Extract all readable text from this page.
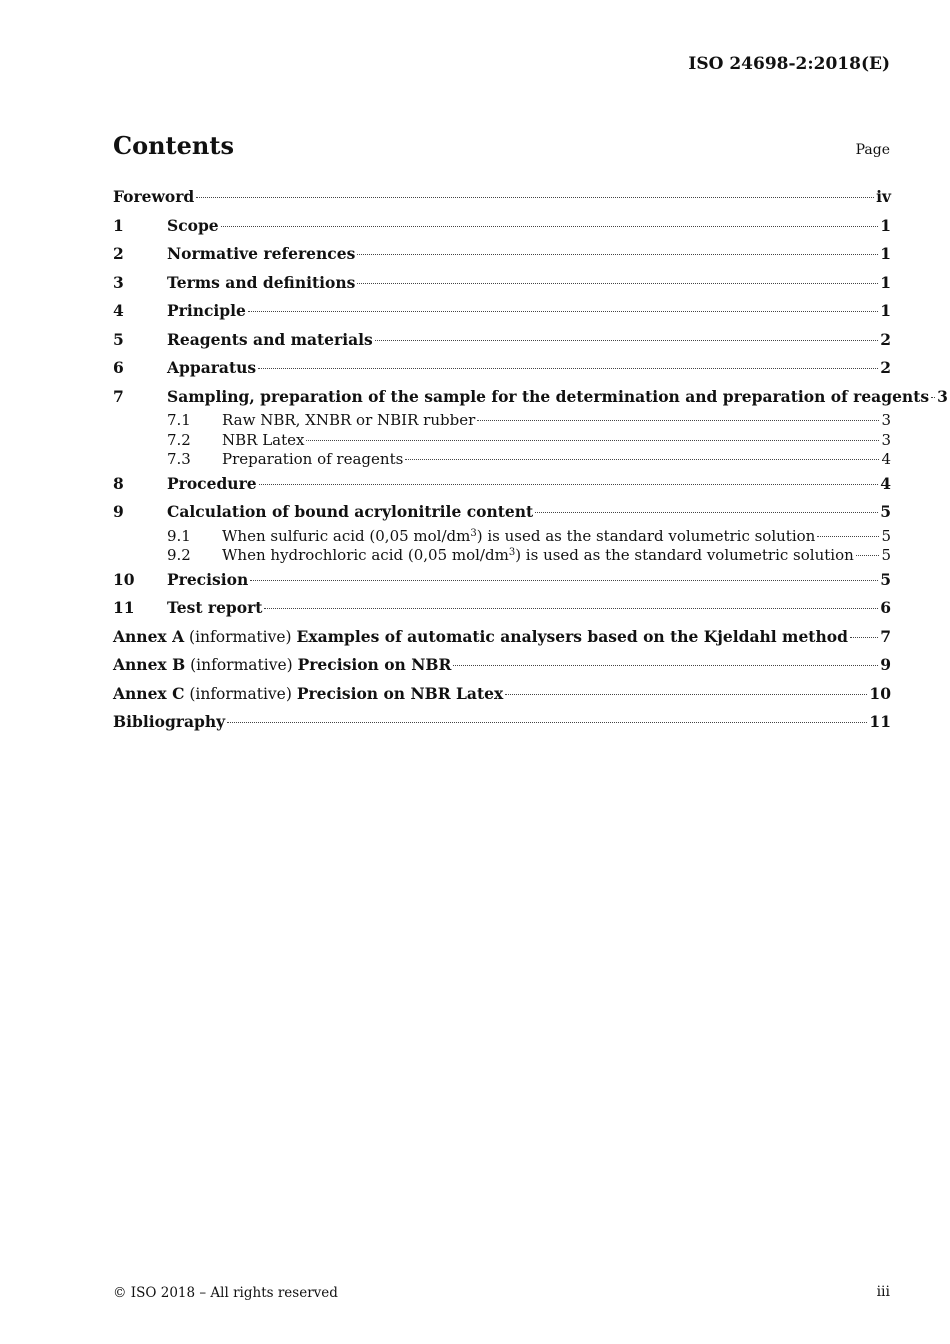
ISO 24698-2:2018(E)
Contents	Page
Foreword	iv
1	Scope	1
2	Normative references	1
3	Terms and definitions	1
4	Principle	1
5	Reagents and materials	2
6	Apparatus	2
7	Sampling, preparation of the sample for the determination and preparation of reagents 3
7.1	Raw NBR, XNBR or NBIR rubber	3
7.2	NBR Latex	3
7.3	Preparation of reagents	4
8	Procedure	4
9	Calculation of bound acrylonitrile content	5
9.1	When sulfuric acid (0,05 mol/$dm^3$) is used as the standard volumetric solution	5
9.2	When hydrochloric acid (0,05 mol/$dm^3$) is used as the standard volumetric solution 5
10	Precision	5
11	Test report	6
Annex A (informative) Examples of automatic analysers based on the Kjeldahl method 7
Annex B (informative) Precision on NBR	9
Annex C (informative) Precision on NBR Latex	10
Bibliography	11
© ISO 2018 – All rights reserved	iii
